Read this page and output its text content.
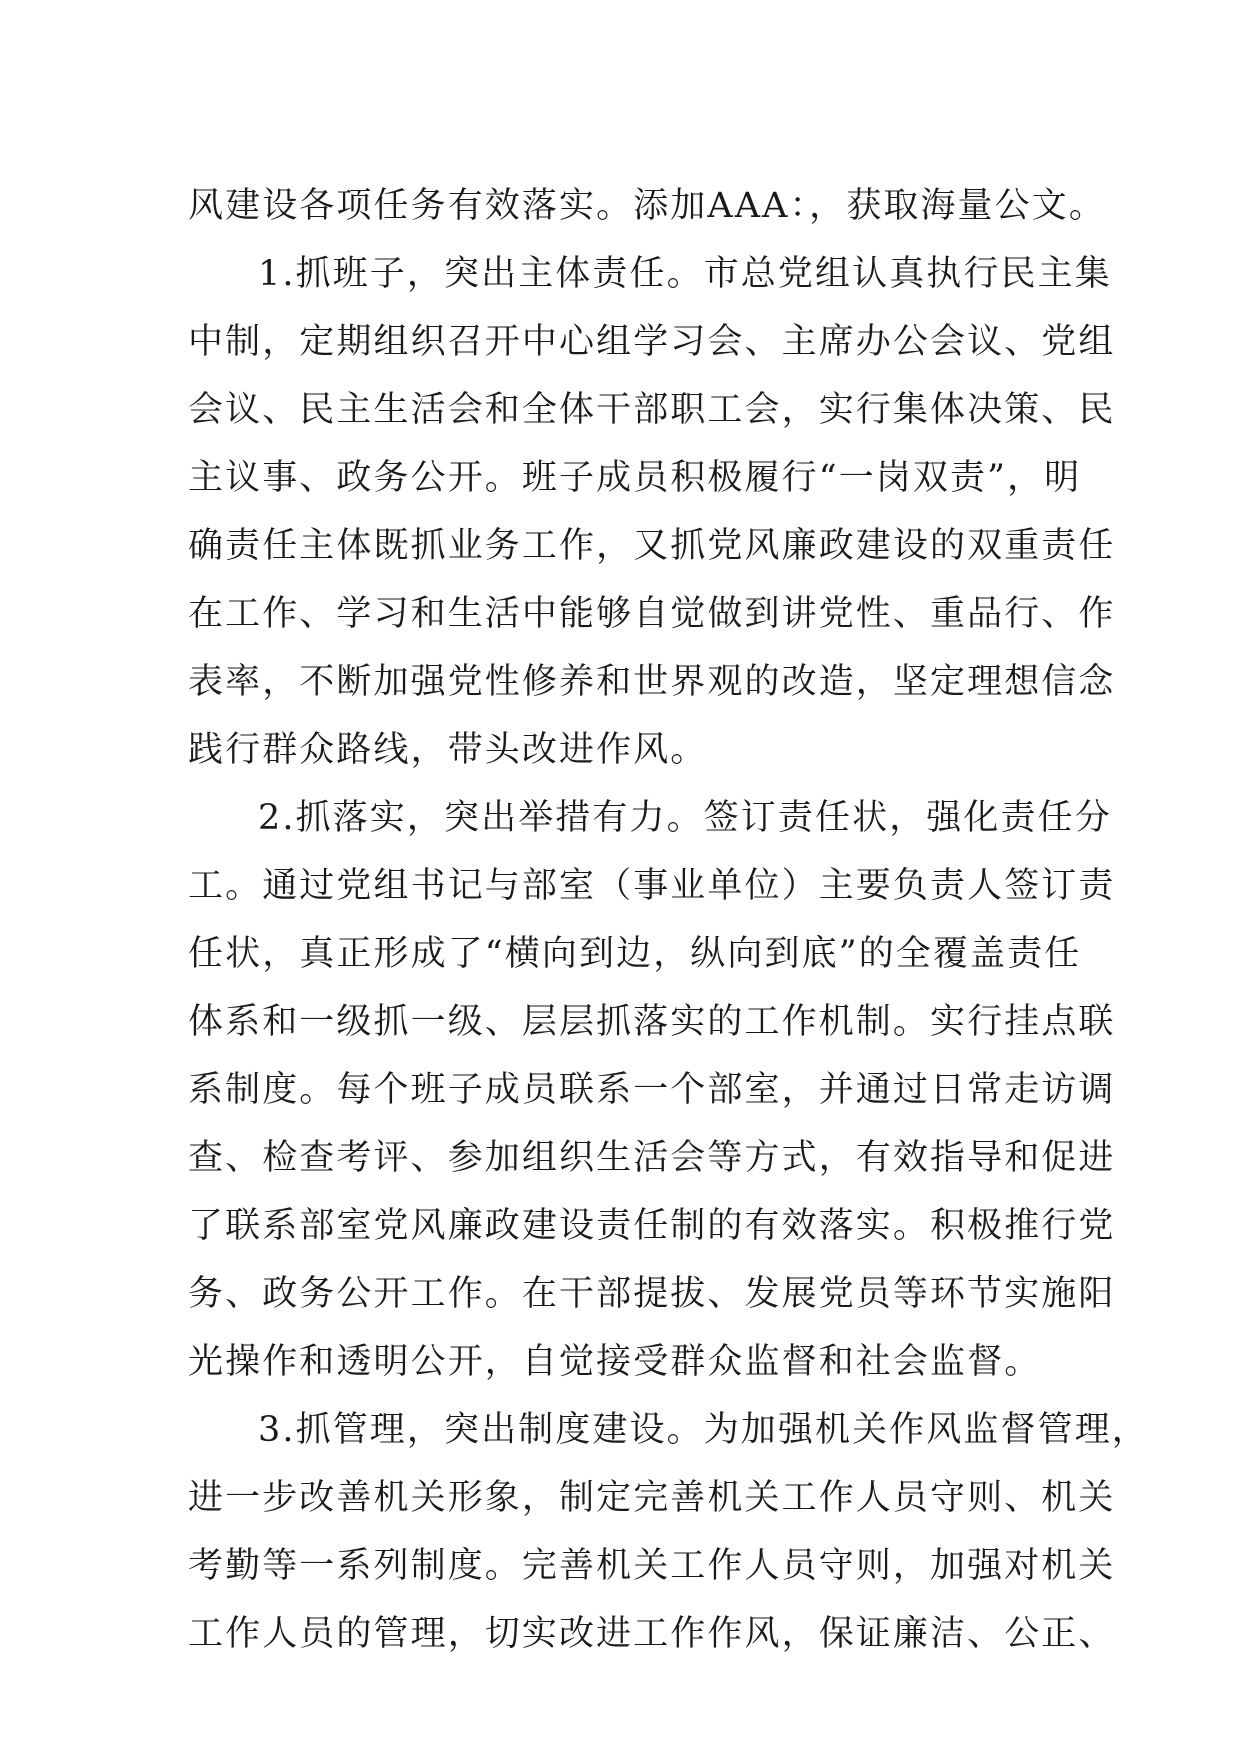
风建设各项任务有效落实。添加AAA：，获取海量公文。
1.抓班子，突出主体责任。市总党组认真执行民主集
中制，定期组织召开中心组学习会、主席办公会议、党组
会议、民主生活会和全体干部职工会，实行集体决策、民
主议事、政务公开。班子成员积极履行“一岗双责”，明
确责任主体既抓业务工作，又抓党风廉政建设的双重责任
在工作、学习和生活中能够自觉做到讲党性、重品行、作
表率，不断加强党性修养和世界观的改造，坚定理想信念
践行群众路线，带头改进作风。
2.抓落实，突出举措有力。签订责任状，强化责任分
工。通过党组书记与部室（事业单位）主要负责人签订责
任状，真正形成了“横向到边，纵向到底”的全覆盖责任
体系和一级抓一级、层层抓落实的工作机制。实行挂点联
系制度。每个班子成员联系一个部室，并通过日常走访调
查、检查考评、参加组织生活会等方式，有效指导和促进
了联系部室党风廉政建设责任制的有效落实。积极推行党
务、政务公开工作。在干部提拔、发展党员等环节实施阳
光操作和透明公开，自觉接受群众监督和社会监督。
3.抓管理，突出制度建设。为加强机关作风监督管理，
进一步改善机关形象，制定完善机关工作人员守则、机关
考勤等一系列制度。完善机关工作人员守则，加强对机关
工作人员的管理，切实改进工作作风，保证廉洁、公正、
